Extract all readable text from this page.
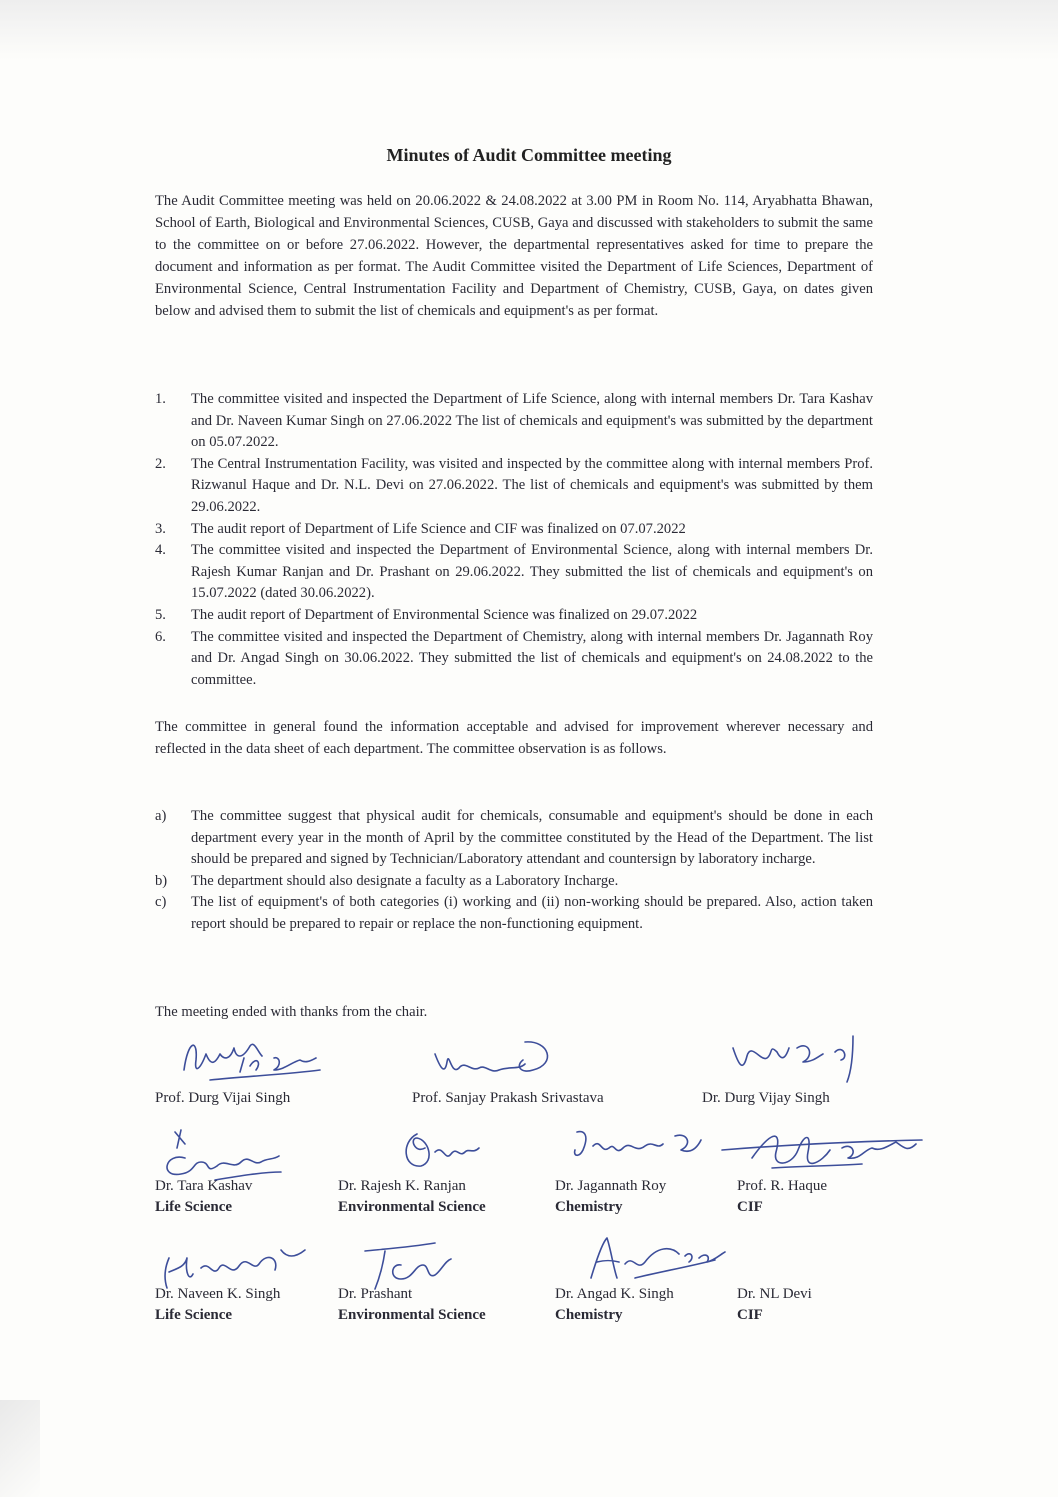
Minutes of Audit Committee meeting

The Audit Committee meeting was held on 20.06.2022 & 24.08.2022 at 3.00 PM in Room No. 114, Aryabhatta Bhawan, School of Earth, Biological and Environmental Sciences, CUSB, Gaya and discussed with stakeholders to submit the same to the committee on or before 27.06.2022. However, the departmental representatives asked for time to prepare the document and information as per format. The Audit Committee visited the Department of Life Sciences, Department of Environmental Science, Central Instrumentation Facility and Department of Chemistry, CUSB, Gaya, on dates given below and advised them to submit the list of chemicals and equipment's as per format.

1. The committee visited and inspected the Department of Life Science, along with internal members Dr. Tara Kashav and Dr. Naveen Kumar Singh on 27.06.2022 The list of chemicals and equipment's was submitted by the department on 05.07.2022.
2. The Central Instrumentation Facility, was visited and inspected by the committee along with internal members Prof. Rizwanul Haque and Dr. N.L. Devi on 27.06.2022. The list of chemicals and equipment's was submitted by them 29.06.2022.
3. The audit report of Department of Life Science and CIF was finalized on 07.07.2022
4. The committee visited and inspected the Department of Environmental Science, along with internal members Dr. Rajesh Kumar Ranjan and Dr. Prashant on 29.06.2022. They submitted the list of chemicals and equipment's on 15.07.2022 (dated 30.06.2022).
5. The audit report of Department of Environmental Science was finalized on 29.07.2022
6. The committee visited and inspected the Department of Chemistry, along with internal members Dr. Jagannath Roy and Dr. Angad Singh on 30.06.2022. They submitted the list of chemicals and equipment's on 24.08.2022 to the committee.

The committee in general found the information acceptable and advised for improvement wherever necessary and reflected in the data sheet of each department. The committee observation is as follows.

a) The committee suggest that physical audit for chemicals, consumable and equipment's should be done in each department every year in the month of April by the committee constituted by the Head of the Department. The list should be prepared and signed by Technician/Laboratory attendant and countersign by laboratory incharge.
b) The department should also designate a faculty as a Laboratory Incharge.
c) The list of equipment's of both categories (i) working and (ii) non-working should be prepared. Also, action taken report should be prepared to repair or replace the non-functioning equipment.

The meeting ended with thanks from the chair.

Prof. Durg Vijai Singh	Prof. Sanjay Prakash Srivastava	Dr. Durg Vijay Singh
Dr. Tara Kashav
Life Science
Dr. Rajesh K. Ranjan
Environmental Science
Dr. Jagannath Roy
Chemistry
Prof. R. Haque
CIF
Dr. Naveen K. Singh
Life Science
Dr. Prashant
Environmental Science
Dr. Angad K. Singh
Chemistry
Dr. NL Devi
CIF
